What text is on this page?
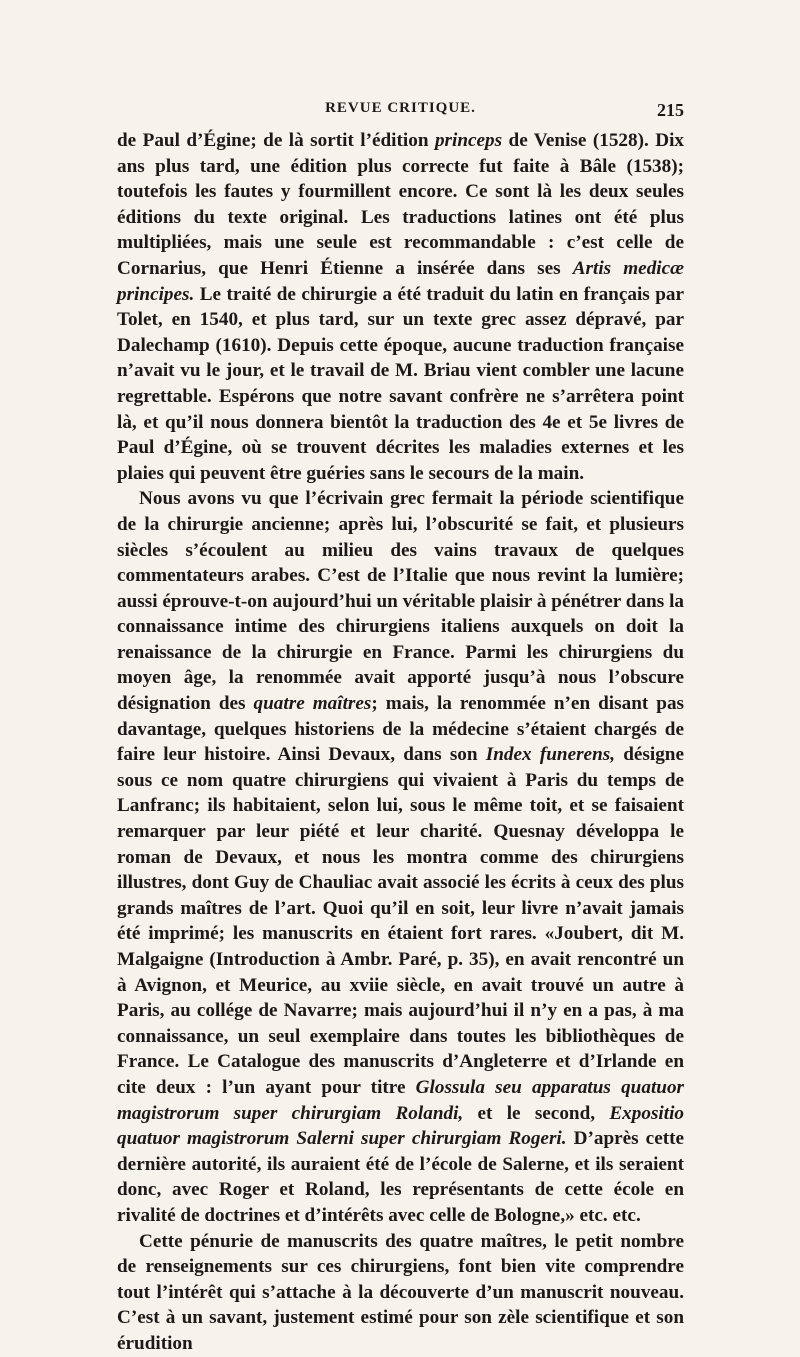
REVUE CRITIQUE.	215

de Paul d’Égine; de là sortit l’édition princeps de Venise (1528). Dix ans plus tard, une édition plus correcte fut faite à Bâle (1538); toutefois les fautes y fourmillent encore. Ce sont là les deux seules éditions du texte original. Les traductions latines ont été plus multipliées, mais une seule est recommandable : c’est celle de Cornarius, que Henri Étienne a insérée dans ses Artis medicæ principes. Le traité de chirurgie a été traduit du latin en français par Tolet, en 1540, et plus tard, sur un texte grec assez dépravé, par Dalechamp (1610). Depuis cette époque, aucune traduction française n’avait vu le jour, et le travail de M. Briau vient combler une lacune regrettable. Espérons que notre savant confrère ne s’arrêtera point là, et qu’il nous donnera bientôt la traduction des 4e et 5e livres de Paul d’Égine, où se trouvent décrites les maladies externes et les plaies qui peuvent être guéries sans le secours de la main.

Nous avons vu que l’écrivain grec fermait la période scientifique de la chirurgie ancienne; après lui, l’obscurité se fait, et plusieurs siècles s’écoulent au milieu des vains travaux de quelques commentateurs arabes. C’est de l’Italie que nous revint la lumière; aussi éprouve-t-on aujourd’hui un véritable plaisir à pénétrer dans la connaissance intime des chirurgiens italiens auxquels on doit la renaissance de la chirurgie en France. Parmi les chirurgiens du moyen âge, la renommée avait apporté jusqu’à nous l’obscure désignation des quatre maîtres; mais, la renommée n’en disant pas davantage, quelques historiens de la médecine s’étaient chargés de faire leur histoire. Ainsi Devaux, dans son Index funerens, désigne sous ce nom quatre chirurgiens qui vivaient à Paris du temps de Lanfranc; ils habitaient, selon lui, sous le même toit, et se faisaient remarquer par leur piété et leur charité. Quesnay développa le roman de Devaux, et nous les montra comme des chirurgiens illustres, dont Guy de Chauliac avait associé les écrits à ceux des plus grands maîtres de l’art. Quoi qu’il en soit, leur livre n’avait jamais été imprimé; les manuscrits en étaient fort rares. «Joubert, dit M. Malgaigne (Introduction à Ambr. Paré, p. 35), en avait rencontré un à Avignon, et Meurice, au xviie siècle, en avait trouvé un autre à Paris, au collége de Navarre; mais aujourd’hui il n’y en a pas, à ma connaissance, un seul exemplaire dans toutes les bibliothèques de France. Le Catalogue des manuscrits d’Angleterre et d’Irlande en cite deux : l’un ayant pour titre Glossula seu apparatus quatuor magistrorum super chirurgiam Rolandi, et le second, Expositio quatuor magistrorum Salerni super chirurgiam Rogeri. D’après cette dernière autorité, ils auraient été de l’école de Salerne, et ils seraient donc, avec Roger et Roland, les représentants de cette école en rivalité de doctrines et d’intérêts avec celle de Bologne,» etc. etc.

Cette pénurie de manuscrits des quatre maîtres, le petit nombre de renseignements sur ces chirurgiens, font bien vite comprendre tout l’intérêt qui s’attache à la découverte d’un manuscrit nouveau. C’est à un savant, justement estimé pour son zèle scientifique et son érudition
